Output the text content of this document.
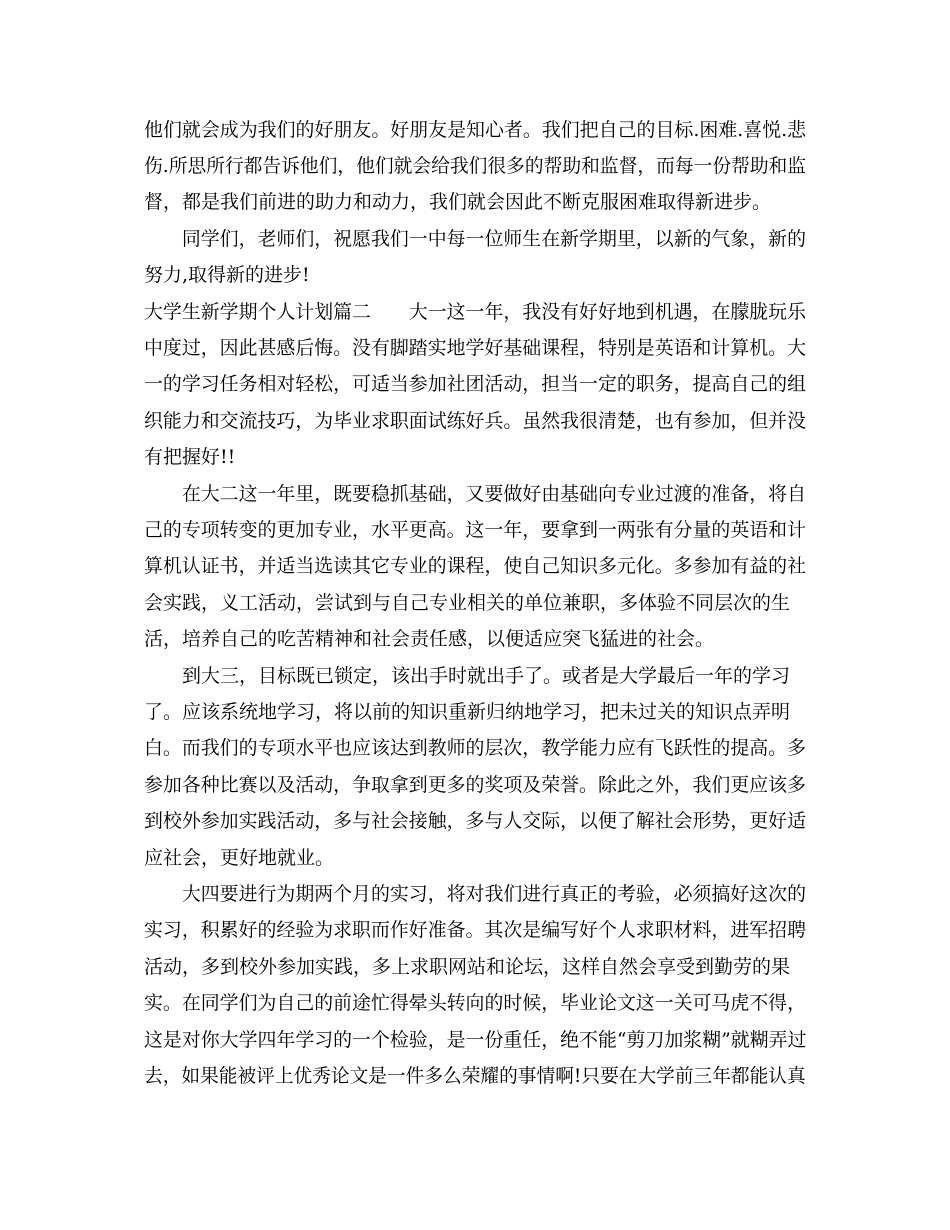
他们就会成为我们的好朋友。好朋友是知心者。我们把自己的目标.困难.喜悦.悲

伤.所思所行都告诉他们，他们就会给我们很多的帮助和监督，而每一份帮助和监

督，都是我们前进的助力和动力，我们就会因此不断克服困难取得新进步。

　　同学们，老师们，祝愿我们一中每一位师生在新学期里，以新的气象，新的

努力,取得新的进步!

大学生新学期个人计划篇二　　大一这一年，我没有好好地到机遇，在朦胧玩乐

中度过，因此甚感后悔。没有脚踏实地学好基础课程，特别是英语和计算机。大

一的学习任务相对轻松，可适当参加社团活动，担当一定的职务，提高自己的组

织能力和交流技巧，为毕业求职面试练好兵。虽然我很清楚，也有参加，但并没

有把握好!!

　　在大二这一年里，既要稳抓基础，又要做好由基础向专业过渡的准备，将自

己的专项转变的更加专业，水平更高。这一年，要拿到一两张有分量的英语和计

算机认证书，并适当选读其它专业的课程，使自己知识多元化。多参加有益的社

会实践，义工活动，尝试到与自己专业相关的单位兼职，多体验不同层次的生

活，培养自己的吃苦精神和社会责任感，以便适应突飞猛进的社会。

　　到大三，目标既已锁定，该出手时就出手了。或者是大学最后一年的学习

了。应该系统地学习，将以前的知识重新归纳地学习，把未过关的知识点弄明

白。而我们的专项水平也应该达到教师的层次，教学能力应有飞跃性的提高。多

参加各种比赛以及活动，争取拿到更多的奖项及荣誉。除此之外，我们更应该多

到校外参加实践活动，多与社会接触，多与人交际，以便了解社会形势，更好适

应社会，更好地就业。

　　大四要进行为期两个月的实习，将对我们进行真正的考验，必须搞好这次的

实习，积累好的经验为求职而作好准备。其次是编写好个人求职材料，进军招聘

活动，多到校外参加实践，多上求职网站和论坛，这样自然会享受到勤劳的果

实。在同学们为自己的前途忙得晕头转向的时候，毕业论文这一关可马虎不得，

这是对你大学四年学习的一个检验，是一份重任，绝不能“剪刀加浆糊”就糊弄过

去，如果能被评上优秀论文是一件多么荣耀的事情啊!只要在大学前三年都能认真
